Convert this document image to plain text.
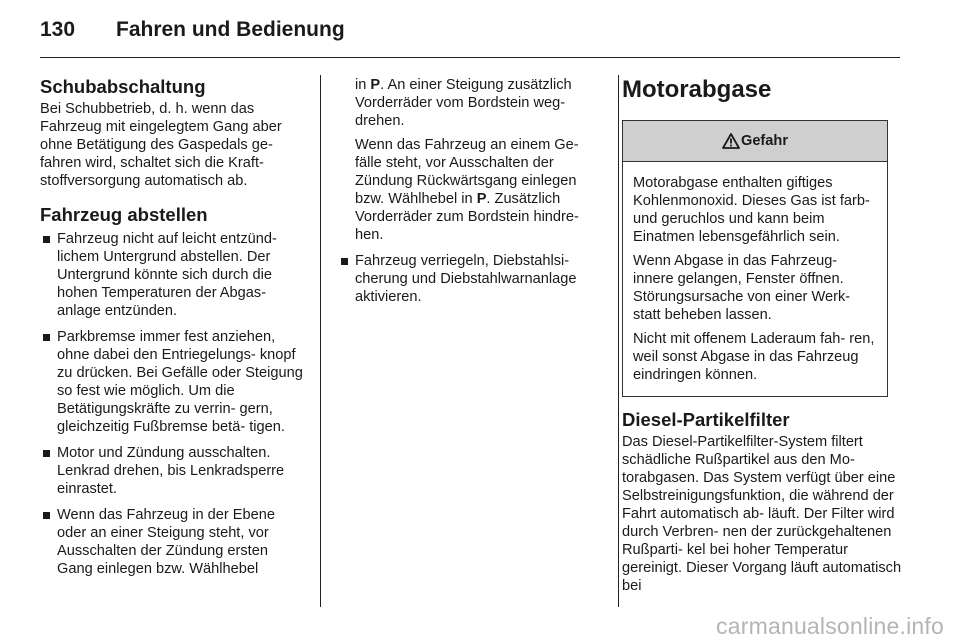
130	Fahren und Bedienung
Schubabschaltung

Bei Schubbetrieb, d. h. wenn das Fahrzeug mit eingelegtem Gang aber ohne Betätigung des Gaspedals ge- fahren wird, schaltet sich die Kraft- stoffversorgung automatisch ab.

Fahrzeug abstellen
Fahrzeug nicht auf leicht entzünd- lichem Untergrund abstellen. Der Untergrund könnte sich durch die hohen Temperaturen der Abgas- anlage entzünden.
Parkbremse immer fest anziehen, ohne dabei den Entriegelungs- knopf zu drücken. Bei Gefälle oder Steigung so fest wie möglich. Um die Betätigungskräfte zu verrin- gern, gleichzeitig Fußbremse betä- tigen.
Motor und Zündung ausschalten. Lenkrad drehen, bis Lenkradsperre einrastet.
Wenn das Fahrzeug in der Ebene oder an einer Steigung steht, vor Ausschalten der Zündung ersten Gang einlegen bzw. Wählhebel

in P. An einer Steigung zusätzlich Vorderräder vom Bordstein weg- drehen.

Wenn das Fahrzeug an einem Ge- fälle steht, vor Ausschalten der Zündung Rückwärtsgang einlegen bzw. Wählhebel in P. Zusätzlich Vorderräder zum Bordstein hindre- hen.

Fahrzeug verriegeln, Diebstahlsi- cherung und Diebstahlwarnanlage aktivieren.
Motorabgase
Gefahr

Motorabgase enthalten giftiges Kohlenmonoxid. Dieses Gas ist farb- und geruchlos und kann beim Einatmen lebensgefährlich sein.

Wenn Abgase in das Fahrzeug- innere gelangen, Fenster öffnen. Störungsursache von einer Werk- statt beheben lassen.

Nicht mit offenem Laderaum fah- ren, weil sonst Abgase in das Fahrzeug eindringen können.

Diesel-Partikelfilter

Das Diesel-Partikelfilter-System filtert schädliche Rußpartikel aus den Mo- torabgasen. Das System verfügt über eine Selbstreinigungsfunktion, die während der Fahrt automatisch ab- läuft. Der Filter wird durch Verbren- nen der zurückgehaltenen Rußparti- kel bei hoher Temperatur gereinigt. Dieser Vorgang läuft automatisch bei

carmanualsonline.info
